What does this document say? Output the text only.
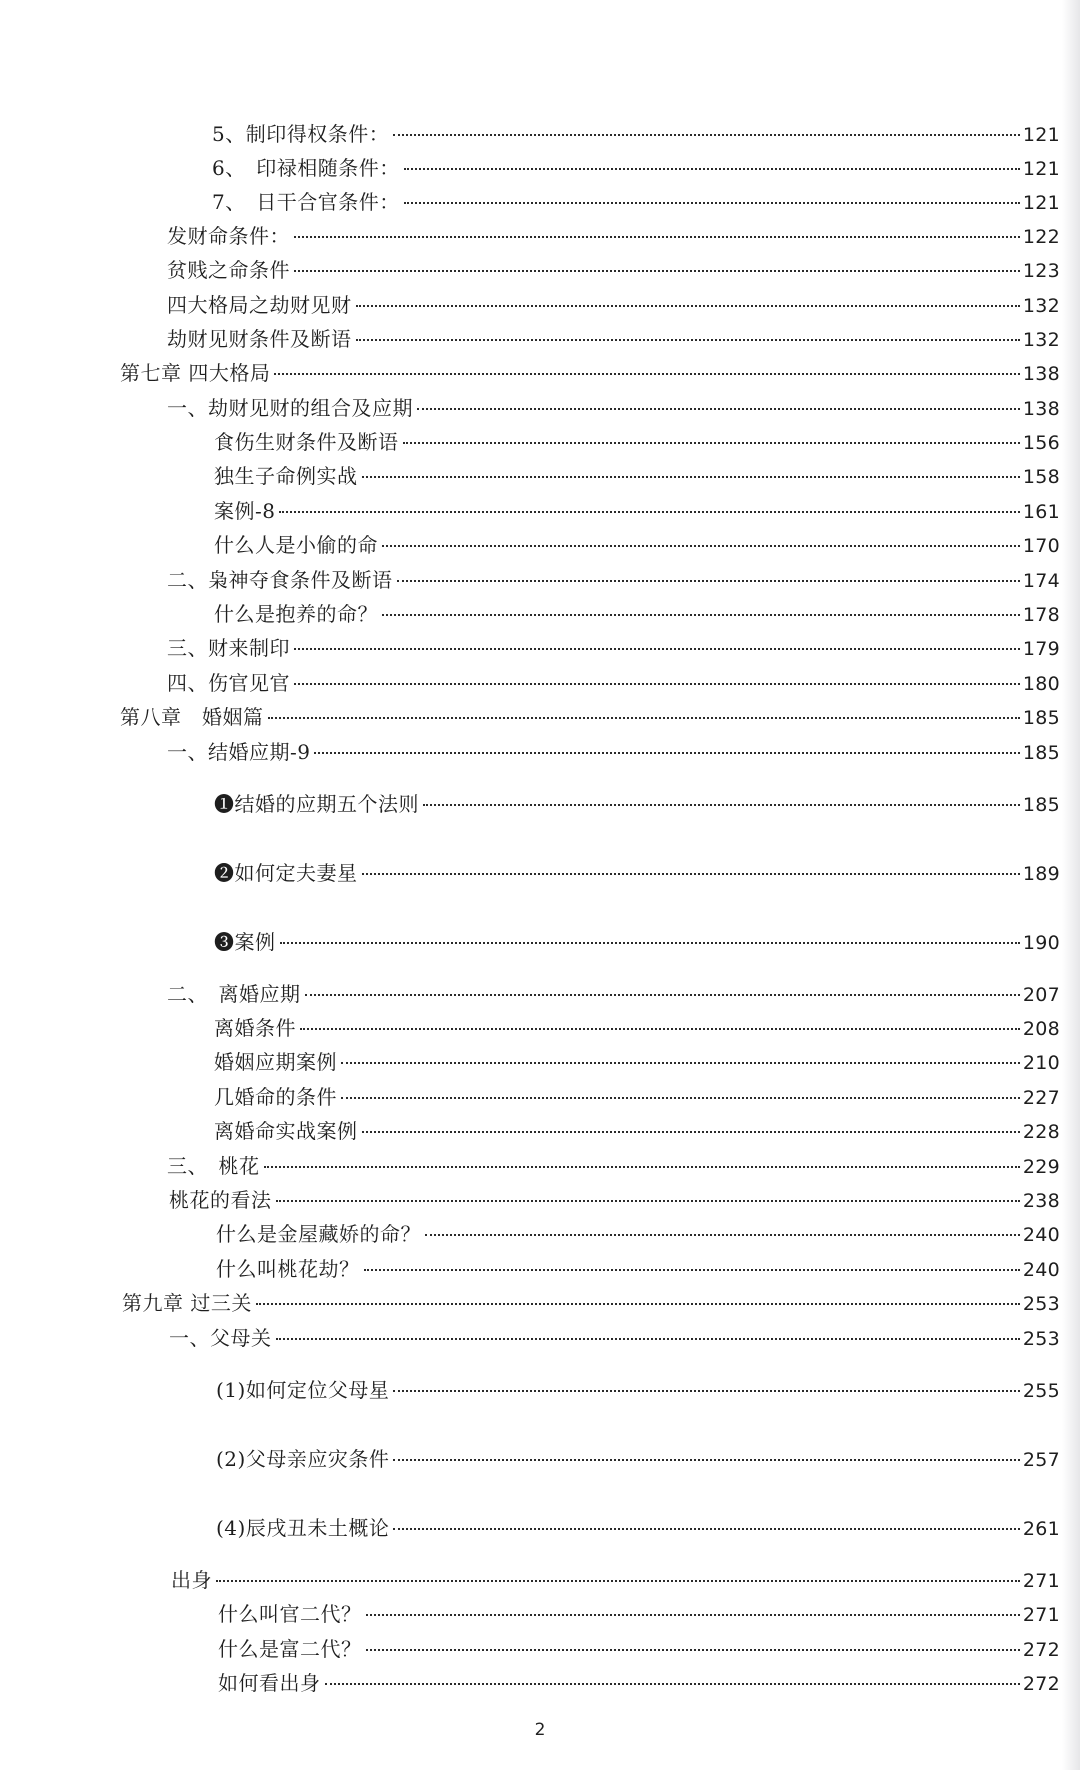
5、制印得权条件：	121
6、　印禄相随条件：	121
7、　日干合官条件：	121
发财命条件：	122
贫贱之命条件	123
四大格局之劫财见财	132
劫财见财条件及断语	132
第七章 四大格局	138
一、劫财见财的组合及应期	138
食伤生财条件及断语	156
独生子命例实战	158
案例-8	161
什么人是小偷的命	170
二、枭神夺食条件及断语	174
什么是抱养的命？	178
三、财来制印	179
四、伤官见官	180
第八章　婚姻篇	185
一、结婚应期-9	185
❶结婚的应期五个法则	185
❷如何定夫妻星	189
❸案例	190
二、　离婚应期	207
离婚条件	208
婚姻应期案例	210
几婚命的条件	227
离婚命实战案例	228
三、　桃花	229
桃花的看法	238
什么是金屋藏娇的命？	240
什么叫桃花劫？	240
第九章 过三关	253
一、父母关	253
(1)如何定位父母星	255
(2)父母亲应灾条件	257
(4)辰戌丑未土概论	261
出身	271
什么叫官二代？	271
什么是富二代？	272
如何看出身	272
2
